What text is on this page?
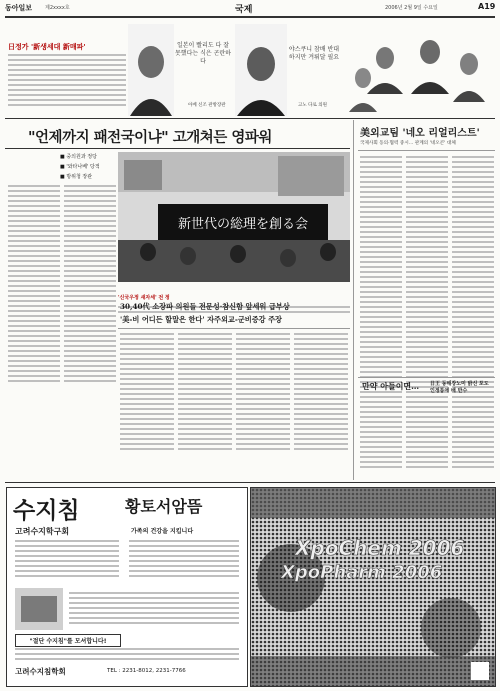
동아일보	제2xxxx호	국제	2006년 2월 9일 수요일	A19
日정가 '新생세대 新매파'	일본이 빨리도 다 잘못했다는 식은 곤란하다
아베 신조 관방장관
야스쿠니 참배 반대하지만 겨뤄달 필요
고노 다로 의원
"언제까지 패전국이냐" 고개쳐든 영파워
■ 중의원과 정당
■ '와타나베' 당적
■ 방위청 장관
新世代の総理を創る会
'신국우정 새자세' 전 정
30,40代 소장파 의원들 전문성·참신함 앞세워 급부상
'美-비 어디든 할말은 한다' 자주외교-군비증강 주장
美외교팀 '네오 리얼리스트'
국제사회 동의·협력 중시… 관계의 '네오콘' 대체
만약 아들이면… 日王 동해장노미 밝신 포도 인정통에 배 반수
수지침	황토서암뜸
고려수지학구회	가족의 건강을 지킵니다
"절단 수지침"를 모셔합니다!
고려수지침학회	TEL : 2231-8012, 2231-7766
XpoChem 2006
XpoPharm 2006
